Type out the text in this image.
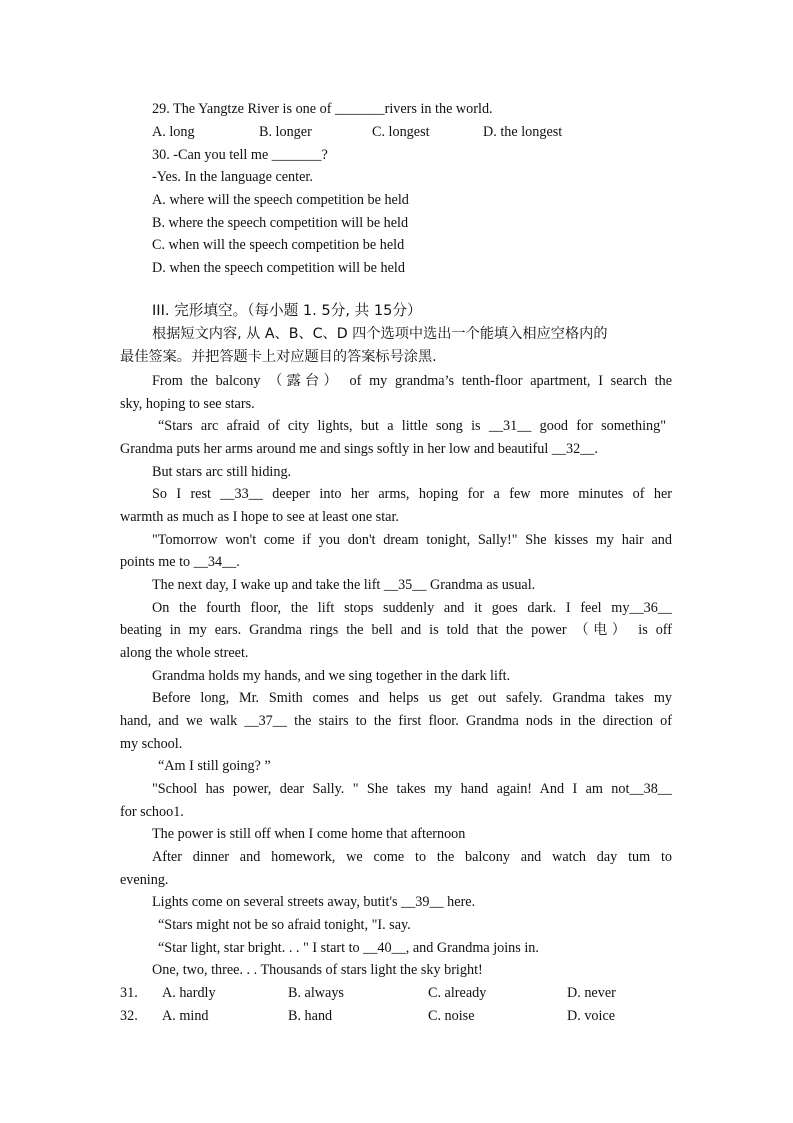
29. The Yangtze River is one of _______rivers in the world.
A. long	B. longer	C. longest	D. the longest
30. -Can you tell me _______?
-Yes. In the language center.
A. where will the speech competition be held
B. where the speech competition will be held
C. when will the speech competition be held
D. when the speech competition will be held
III. 完形填空。（每小题 1. 5分, 共 15分）
根据短文内容, 从 A、B、C、D 四个选项中选出一个能填入相应空格内的
最佳签案。并把答题卡上对应题目的答案标号涂黑.
From the balcony （露台） of my grandma’s tenth-floor apartment, I search the
sky, hoping to see stars.
“Stars arc afraid of city lights, but a little song is __31__ good for something"
Grandma puts her arms around me and sings softly in her low and beautiful __32__.
But stars arc still hiding.
So I rest __33__ deeper into her arms, hoping for a few more minutes of her
warmth as much as I hope to see at least one star.
"Tomorrow won't come if you don't dream tonight, Sally!" She kisses my hair and
points me to __34__.
The next day, I wake up and take the lift __35__ Grandma as usual.
On the fourth floor, the lift stops suddenly and it goes dark. I feel my__36__
beating in my ears. Grandma rings the bell and is told that the power （电） is off
along the whole street.
Grandma holds my hands, and we sing together in the dark lift.
Before long, Mr. Smith comes and helps us get out safely. Grandma takes my
hand, and we walk __37__ the stairs to the first floor. Grandma nods in the direction of
my school.
“Am I still going? ”
"School has power, dear Sally. " She takes my hand again! And I am not__38__
for schoo1.
The power is still off when I come home that afternoon
After dinner and homework, we come to the balcony and watch day tum to
evening.
Lights come on several streets away, butit's __39__ here.
“Stars might not be so afraid tonight, "I. say.
“Star light, star bright. . . " I start to __40__, and Grandma joins in.
One, two, three. . . Thousands of stars light the sky bright!
31. A. hardly	B. always	C. already	D. never
32. A. mind	B. hand	C. noise	D. voice
